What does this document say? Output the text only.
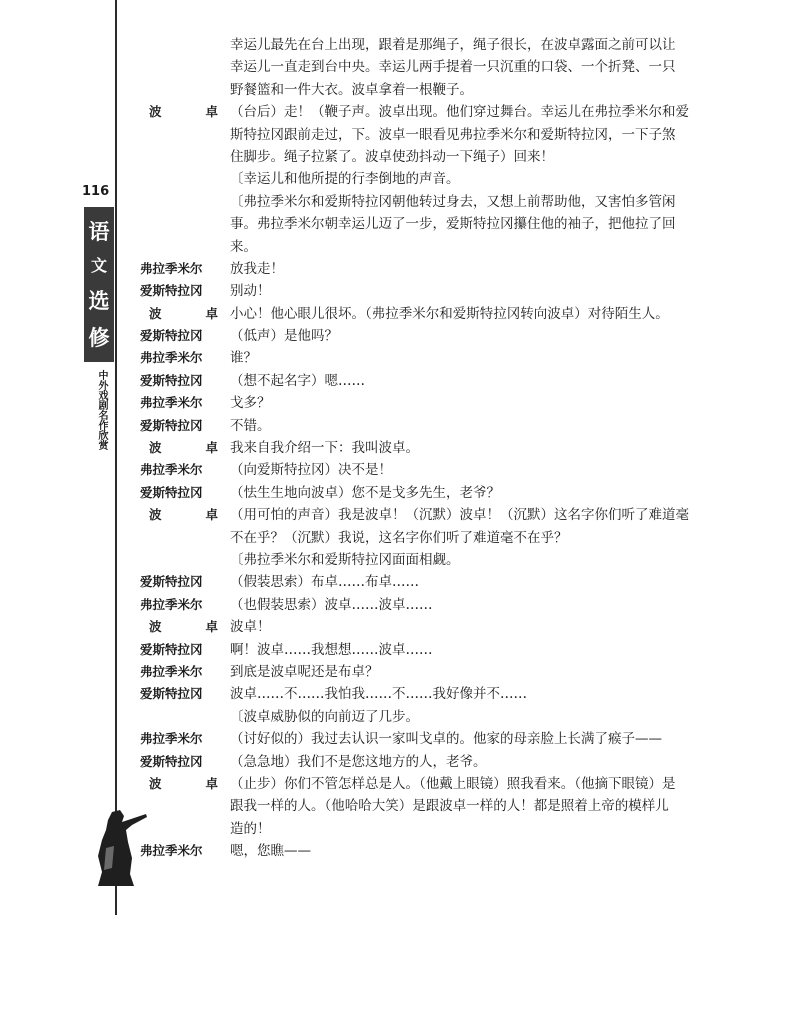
116
语
文
选
修
中外戏剧名作欣赏
幸运儿最先在台上出现，跟着是那绳子，绳子很长，在波卓露面之前可以让
幸运儿一直走到台中央。幸运儿两手提着一只沉重的口袋、一个折凳、一只
野餐篮和一件大衣。波卓拿着一根鞭子。
波卓 （台后）走！（鞭子声。波卓出现。他们穿过舞台。幸运儿在弗拉季米尔和爱
斯特拉冈跟前走过，下。波卓一眼看见弗拉季米尔和爱斯特拉冈，一下子煞
住脚步。绳子拉紧了。波卓使劲抖动一下绳子）回来！
〔幸运儿和他所提的行李倒地的声音。
〔弗拉季米尔和爱斯特拉冈朝他转过身去，又想上前帮助他，又害怕多管闲
事。弗拉季米尔朝幸运儿迈了一步，爱斯特拉冈攥住他的袖子，把他拉了回
来。
弗拉季米尔	放我走！
爱斯特拉冈	别动！
波卓 小心！他心眼儿很坏。（弗拉季米尔和爱斯特拉冈转向波卓）对待陌生人。
爱斯特拉冈	（低声）是他吗？
弗拉季米尔	谁？
爱斯特拉冈	（想不起名字）嗯……
弗拉季米尔	戈多？
爱斯特拉冈	不错。
波卓 我来自我介绍一下：我叫波卓。
弗拉季米尔	（向爱斯特拉冈）决不是！
爱斯特拉冈	（怯生生地向波卓）您不是戈多先生，老爷？
波卓 （用可怕的声音）我是波卓！（沉默）波卓！（沉默）这名字你们听了难道毫
不在乎？（沉默）我说，这名字你们听了难道毫不在乎？
〔弗拉季米尔和爱斯特拉冈面面相觑。
爱斯特拉冈	（假装思索）布卓……布卓……
弗拉季米尔	（也假装思索）波卓……波卓……
波卓 波卓！
爱斯特拉冈	啊！波卓……我想想……波卓……
弗拉季米尔	到底是波卓呢还是布卓？
爱斯特拉冈	波卓……不……我怕我……不……我好像并不……
〔波卓威胁似的向前迈了几步。
弗拉季米尔	（讨好似的）我过去认识一家叫戈卓的。他家的母亲脸上长满了瘊子——
爱斯特拉冈	（急急地）我们不是您这地方的人，老爷。
波卓 （止步）你们不管怎样总是人。（他戴上眼镜）照我看来。（他摘下眼镜）是
跟我一样的人。（他哈哈大笑）是跟波卓一样的人！都是照着上帝的模样儿
造的！
弗拉季米尔	嗯，您瞧——
